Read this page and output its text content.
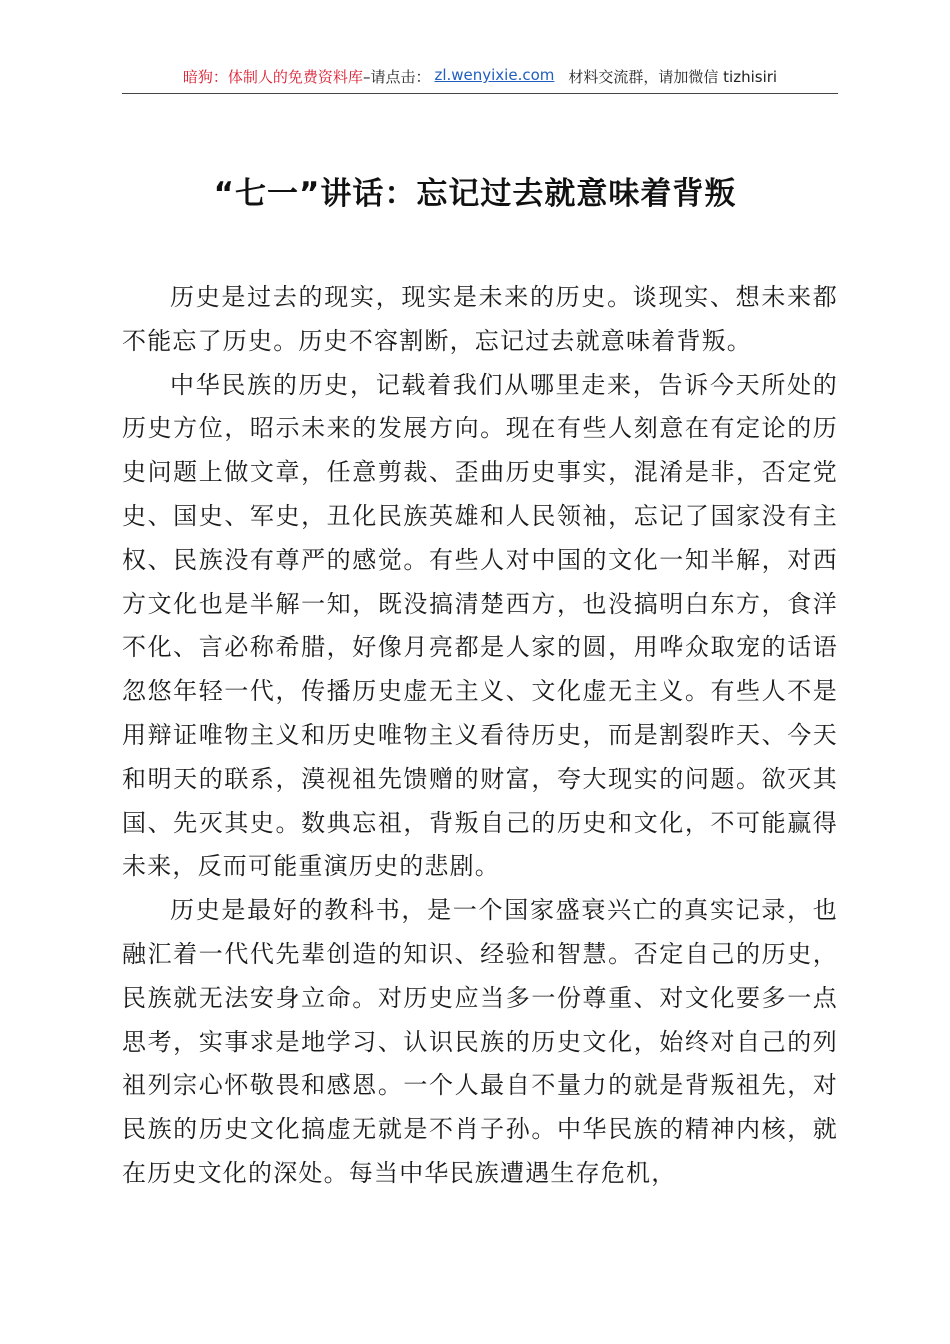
暗狗：体制人的免费资料库 –请点击： zl.wenyixie.com 材料交流群，请加微信 tizhisiri
“七一”讲话：忘记过去就意味着背叛

历史是过去的现实，现实是未来的历史。谈现实、想未来都不能忘了历史。历史不容割断，忘记过去就意味着背叛。

中华民族的历史，记载着我们从哪里走来，告诉今天所处的历史方位，昭示未来的发展方向。现在有些人刻意在有定论的历史问题上做文章，任意剪裁、歪曲历史事实，混淆是非，否定党史、国史、军史，丑化民族英雄和人民领袖，忘记了国家没有主权、民族没有尊严的感觉。有些人对中国的文化一知半解，对西方文化也是半解一知，既没搞清楚西方，也没搞明白东方，食洋不化、言必称希腊，好像月亮都是人家的圆，用哗众取宠的话语忽悠年轻一代，传播历史虚无主义、文化虚无主义。有些人不是用辩证唯物主义和历史唯物主义看待历史，而是割裂昨天、今天和明天的联系，漠视祖先馈赠的财富，夸大现实的问题。欲灭其国、先灭其史。数典忘祖，背叛自己的历史和文化，不可能赢得未来，反而可能重演历史的悲剧。

历史是最好的教科书，是一个国家盛衰兴亡的真实记录，也融汇着一代代先辈创造的知识、经验和智慧。否定自己的历史，民族就无法安身立命。对历史应当多一份尊重、对文化要多一点思考，实事求是地学习、认识民族的历史文化，始终对自己的列祖列宗心怀敬畏和感恩。一个人最自不量力的就是背叛祖先，对民族的历史文化搞虚无就是不肖子孙。中华民族的精神内核，就在历史文化的深处。每当中华民族遭遇生存危机，
